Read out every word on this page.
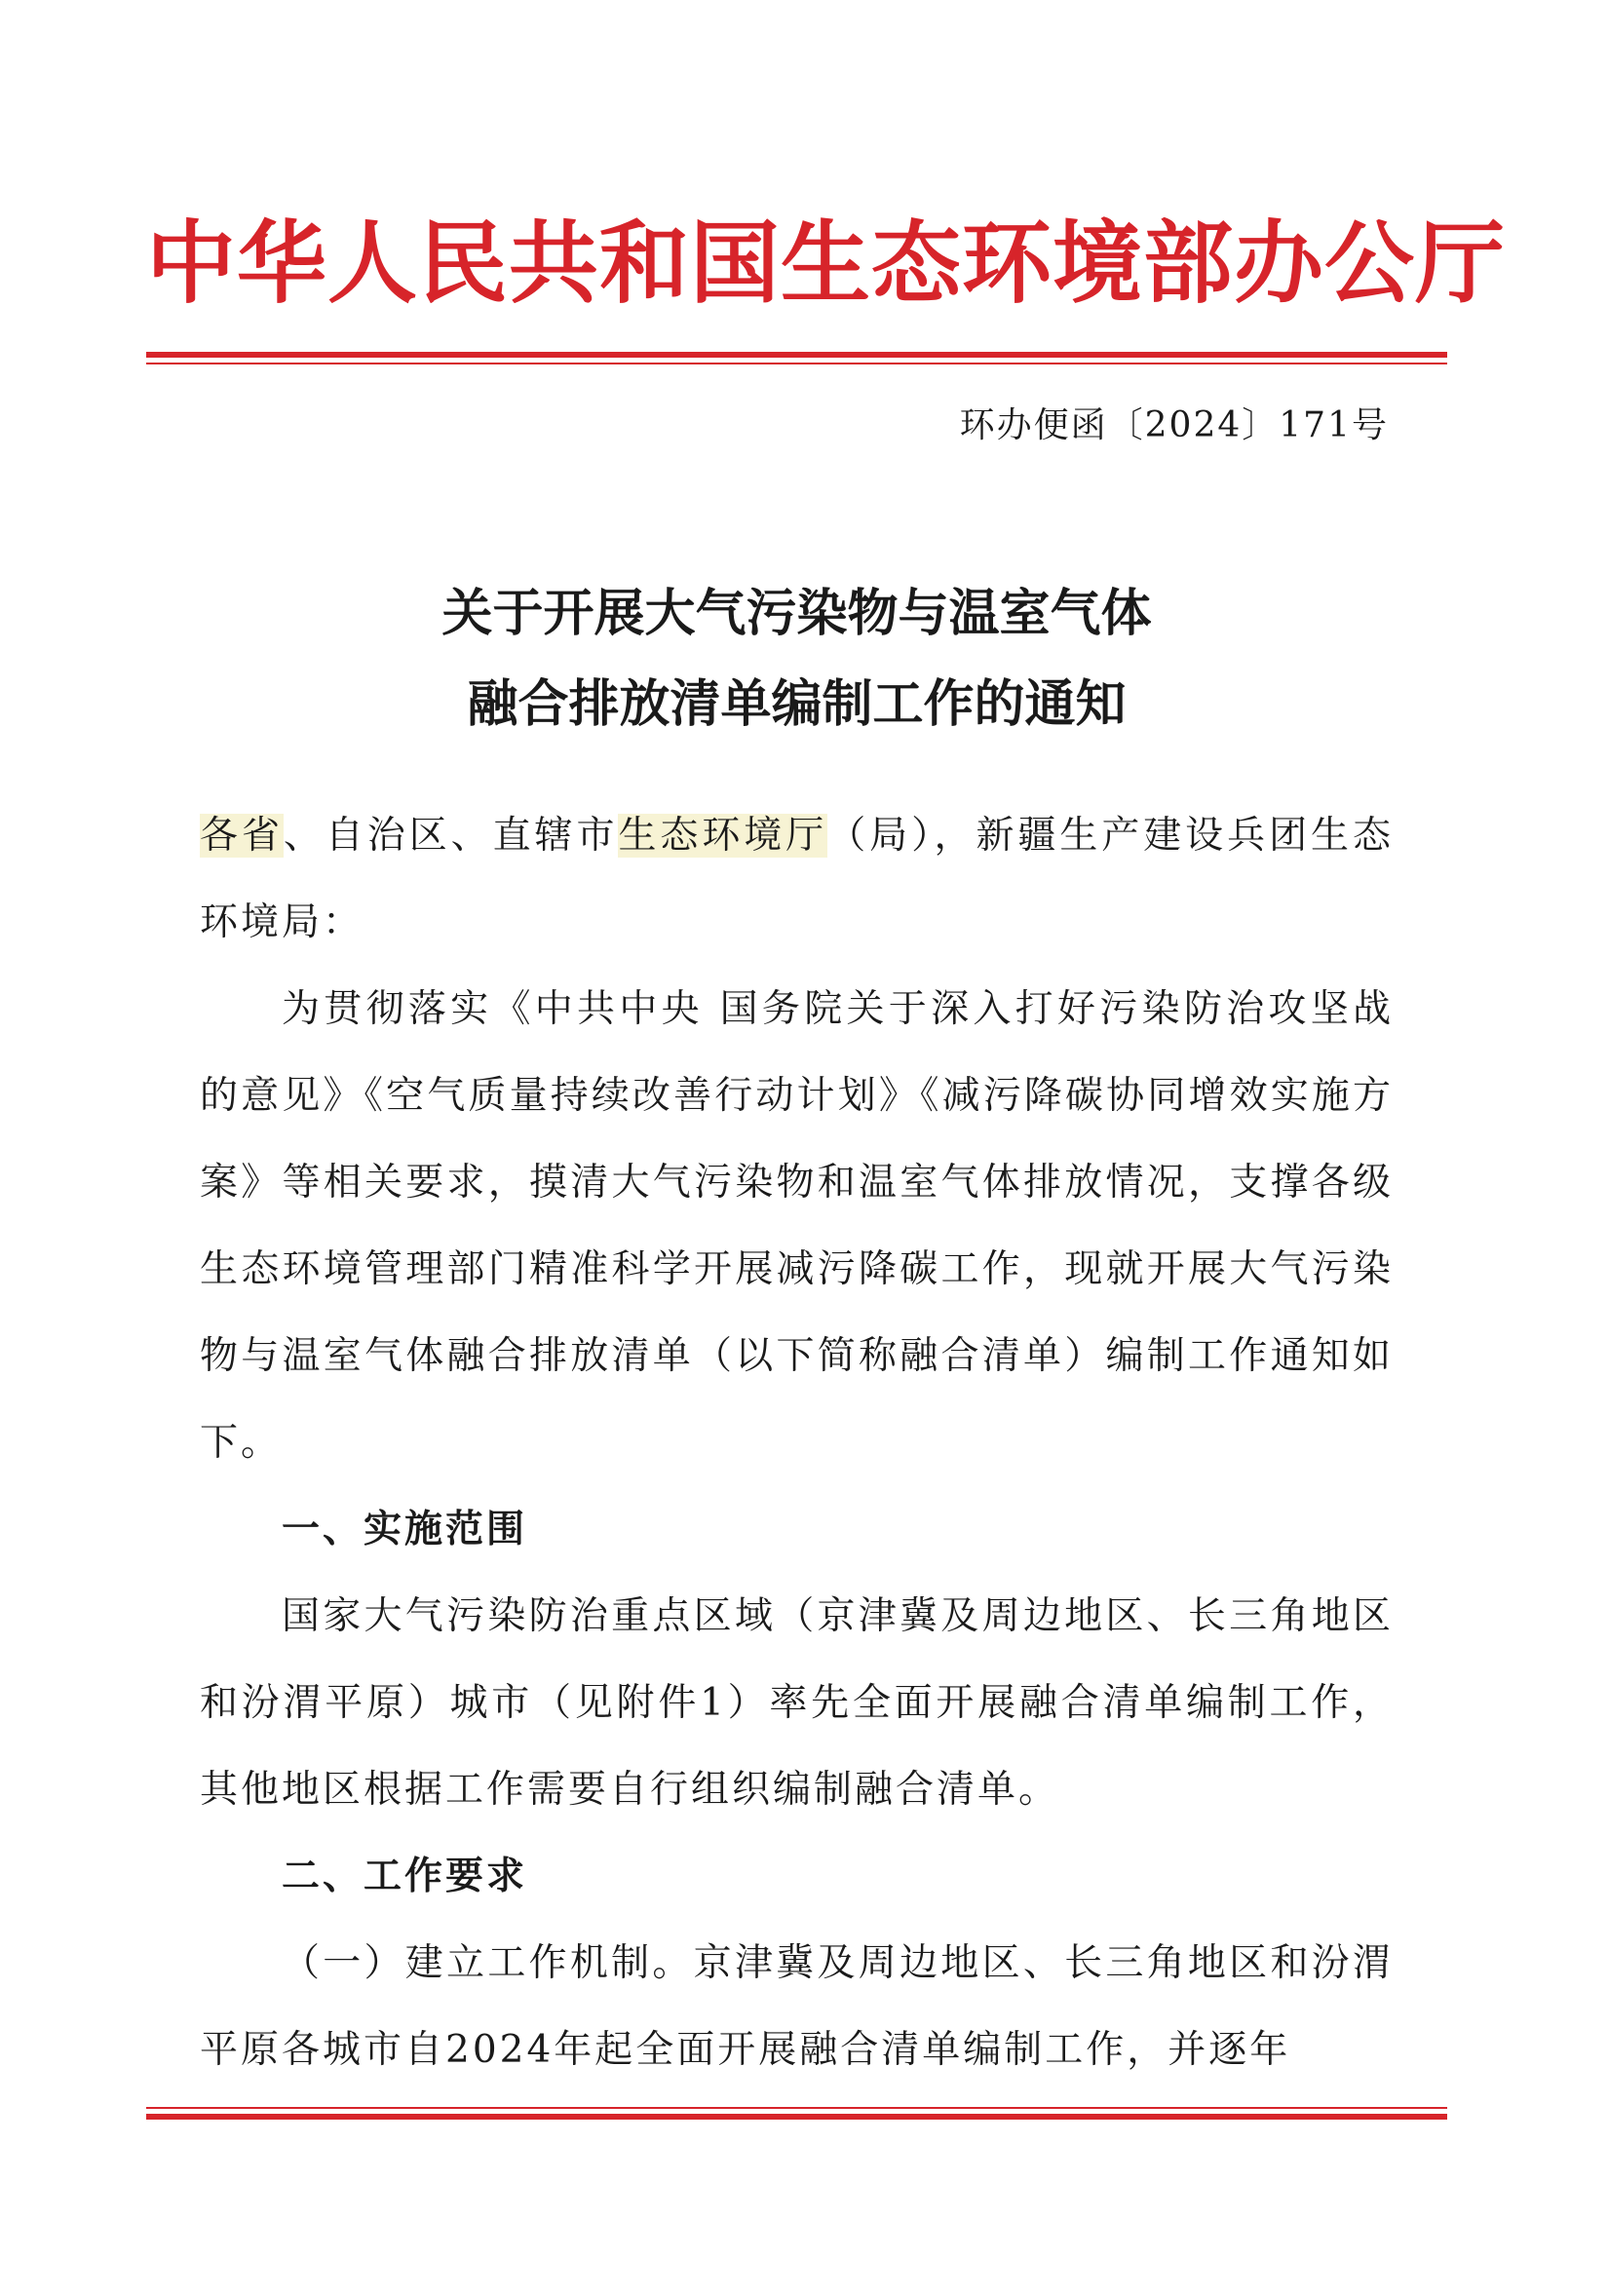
中华人民共和国生态环境部办公厅
环办便函〔2024〕171号
关于开展大气污染物与温室气体
融合排放清单编制工作的通知

各省、自治区、直辖市生态环境厅（局），新疆生产建设兵团生态环境局：

为贯彻落实《中共中央 国务院关于深入打好污染防治攻坚战的意见》《空气质量持续改善行动计划》《减污降碳协同增效实施方案》等相关要求，摸清大气污染物和温室气体排放情况，支撑各级生态环境管理部门精准科学开展减污降碳工作，现就开展大气污染物与温室气体融合排放清单（以下简称融合清单）编制工作通知如下。

一、实施范围

国家大气污染防治重点区域（京津冀及周边地区、长三角地区和汾渭平原）城市（见附件1）率先全面开展融合清单编制工作，其他地区根据工作需要自行组织编制融合清单。

二、工作要求

（一）建立工作机制。京津冀及周边地区、长三角地区和汾渭平原各城市自2024年起全面开展融合清单编制工作，并逐年
